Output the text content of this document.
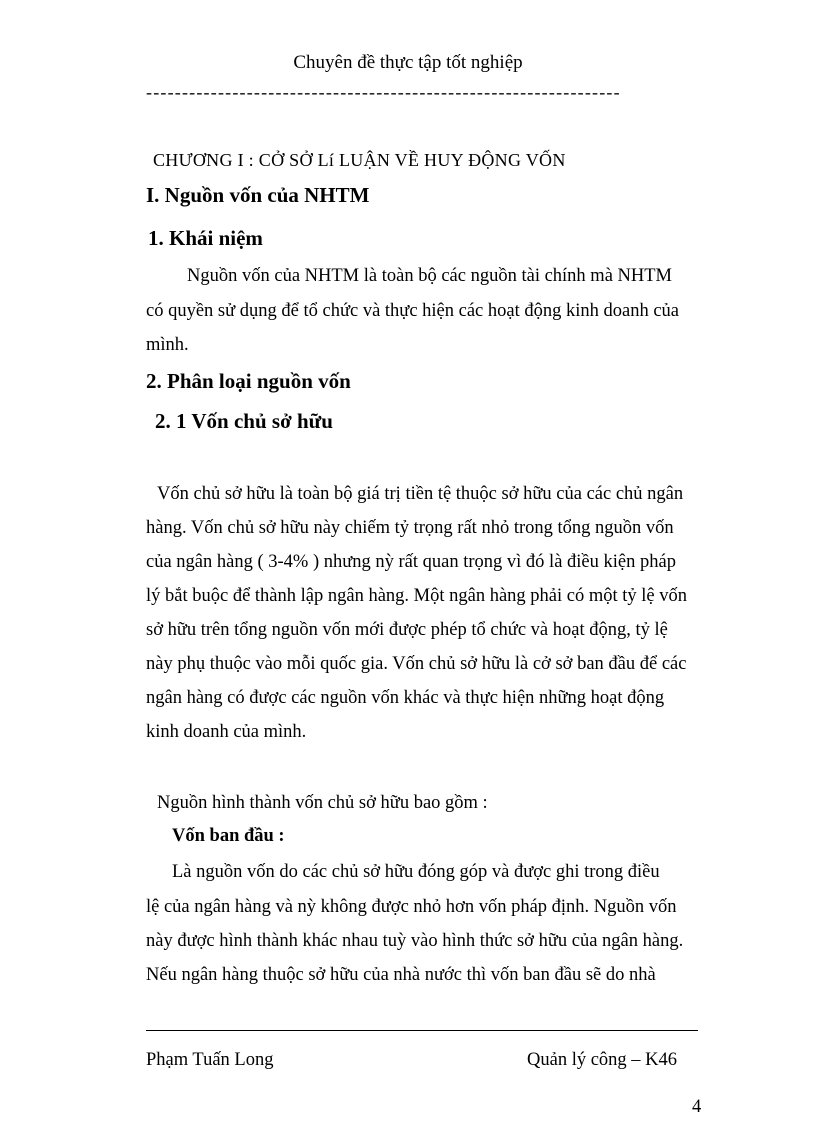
Chuyên đề thực tập tốt nghiệp
------------------------------------------------------------------
CHƯƠNG I : CỞ SỞ Lí LUẬN VỀ HUY ĐỘNG VỐN
I. Nguồn vốn của NHTM
1. Khái niệm
Nguồn vốn của NHTM là toàn bộ các nguồn tài chính mà NHTM
có quyền sử dụng để tổ chức và thực hiện các hoạt động kinh doanh của
mình.
2. Phân loại nguồn vốn
2. 1 Vốn chủ sở hữu
Vốn chủ sở hữu là toàn bộ giá trị tiền tệ thuộc sở hữu của các chủ ngân
hàng. Vốn chủ sở hữu này chiếm tỷ trọng rất nhỏ trong tổng nguồn vốn
của ngân hàng ( 3-4% ) nhưng nỳ rất quan trọng vì đó là điều kiện pháp
lý bắt buộc để thành lập ngân hàng. Một ngân hàng phải có một tỷ lệ vốn
sở hữu trên tổng nguồn vốn mới được phép tổ chức và hoạt động, tỷ lệ
này phụ thuộc vào mỗi quốc gia. Vốn chủ sở hữu là cở sở ban đầu để các
ngân hàng có được các nguồn vốn khác và thực hiện những hoạt động
kinh doanh của mình.
Nguồn hình thành vốn chủ sở hữu bao gồm :
Vốn ban đầu :
Là nguồn vốn do các chủ sở hữu đóng góp và được ghi trong điều
lệ của ngân hàng và nỳ không được nhỏ hơn vốn pháp định. Nguồn vốn
này được hình thành khác nhau tuỳ vào hình thức sở hữu của ngân hàng.
Nếu ngân hàng thuộc sở hữu của nhà nước thì vốn ban đầu sẽ do nhà
Phạm Tuấn Long	Quản lý công – K46
4
